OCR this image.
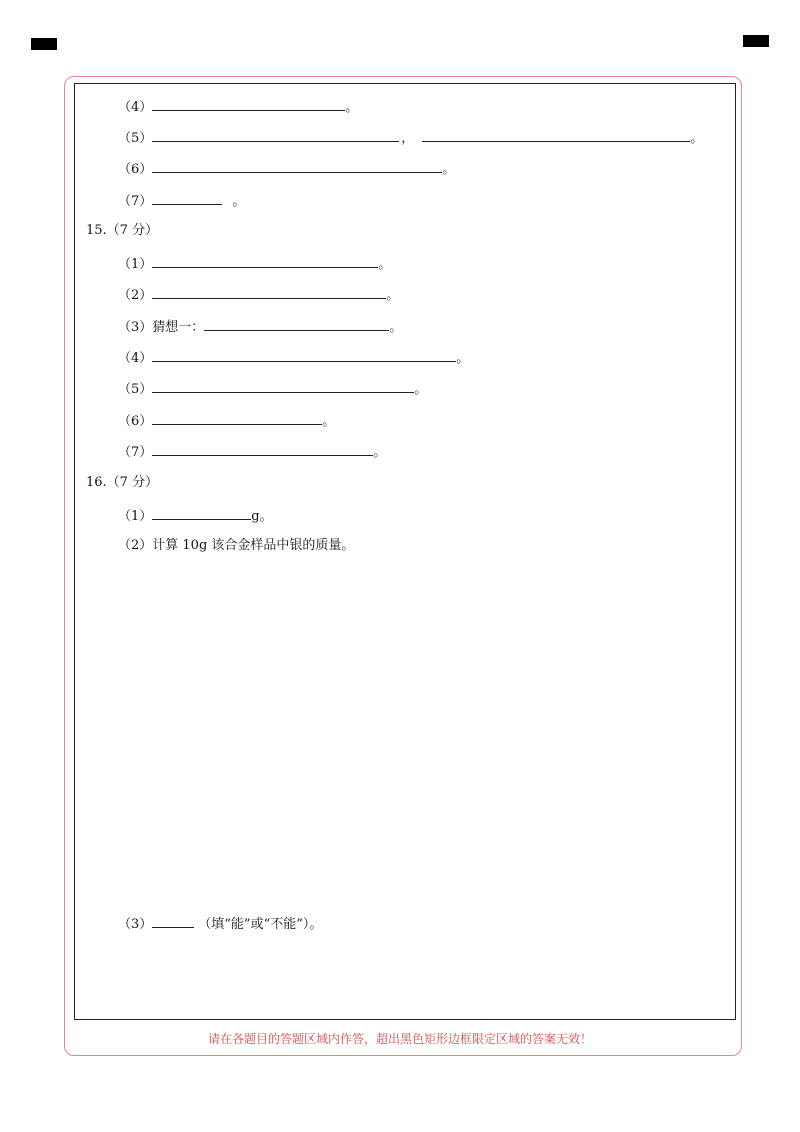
（4）	。
（5）	，	。
（6）	。
（7）	。
15.（7 分）
（1）	。
（2）	。
（3）猜想一：	。
（4）	。
（5）	。
（6）	。
（7）	。
16.（7 分）
（1）	g。
（2）计算 10g 该合金样品中银的质量。
（3）	（填“能”或“不能”）。
请在各题目的答题区域内作答，超出黑色矩形边框限定区域的答案无效！
